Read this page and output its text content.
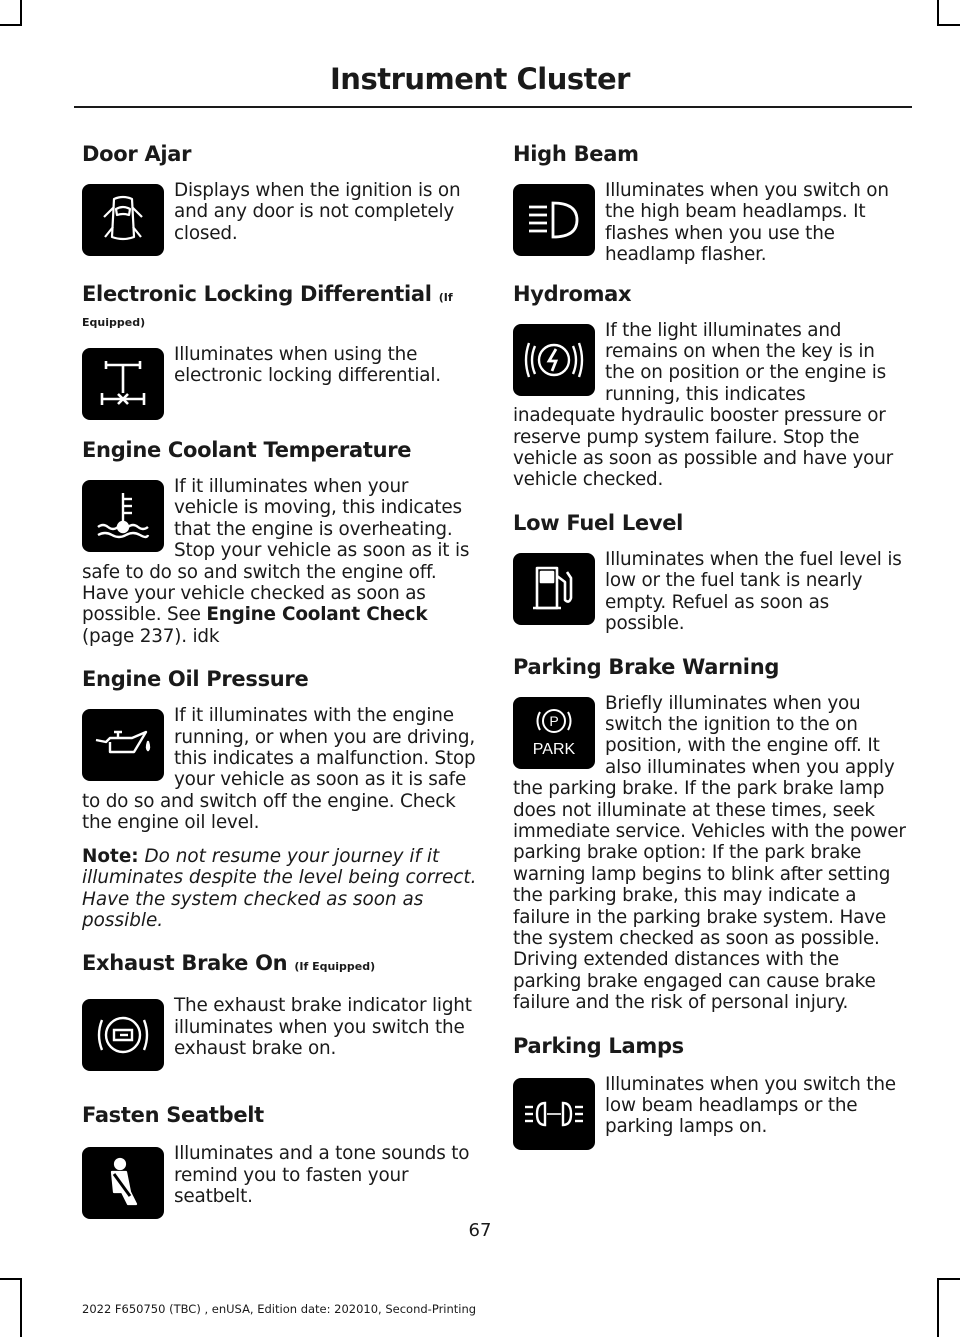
Instrument Cluster
Door Ajar

Displays when the ignition is on and any door is not completely closed.

Electronic Locking Differential (If
Equipped)

Illuminates when using the electronic locking differential.

Engine Coolant Temperature

If it illuminates when your vehicle is moving, this indicates that the engine is overheating. Stop your vehicle as soon as it is safe to do so and switch the engine off. Have your vehicle checked as soon as possible. See Engine Coolant Check (page 237). idk

Engine Oil Pressure

If it illuminates with the engine running, or when you are driving, this indicates a malfunction. Stop your vehicle as soon as it is safe to do so and switch off the engine. Check the engine oil level.

Note: Do not resume your journey if it illuminates despite the level being correct. Have the system checked as soon as possible.
Exhaust Brake On (If Equipped)

The exhaust brake indicator light illuminates when you switch the exhaust brake on.

Fasten Seatbelt

Illuminates and a tone sounds to remind you to fasten your seatbelt.

High Beam

Illuminates when you switch on the high beam headlamps. It flashes when you use the headlamp flasher.

Hydromax

If the light illuminates and remains on when the key is in the on position or the engine is running, this indicates inadequate hydraulic booster pressure or reserve pump system failure. Stop the vehicle as soon as possible and have your vehicle checked.

Low Fuel Level

Illuminates when the fuel level is low or the fuel tank is nearly empty. Refuel as soon as possible.

Parking Brake Warning
P
PARK

Briefly illuminates when you switch the ignition to the on position, with the engine off. It also illuminates when you apply the parking brake. If the park brake lamp does not illuminate at these times, seek immediate service. Vehicles with the power parking brake option: If the park brake warning lamp begins to blink after setting the parking brake, this may indicate a failure in the parking brake system. Have the system checked as soon as possible. Driving extended distances with the parking brake engaged can cause brake failure and the risk of personal injury.

Parking Lamps

Illuminates when you switch the low beam headlamps or the parking lamps on.

67
2022 F650750 (TBC) , enUSA, Edition date: 202010, Second-Printing
